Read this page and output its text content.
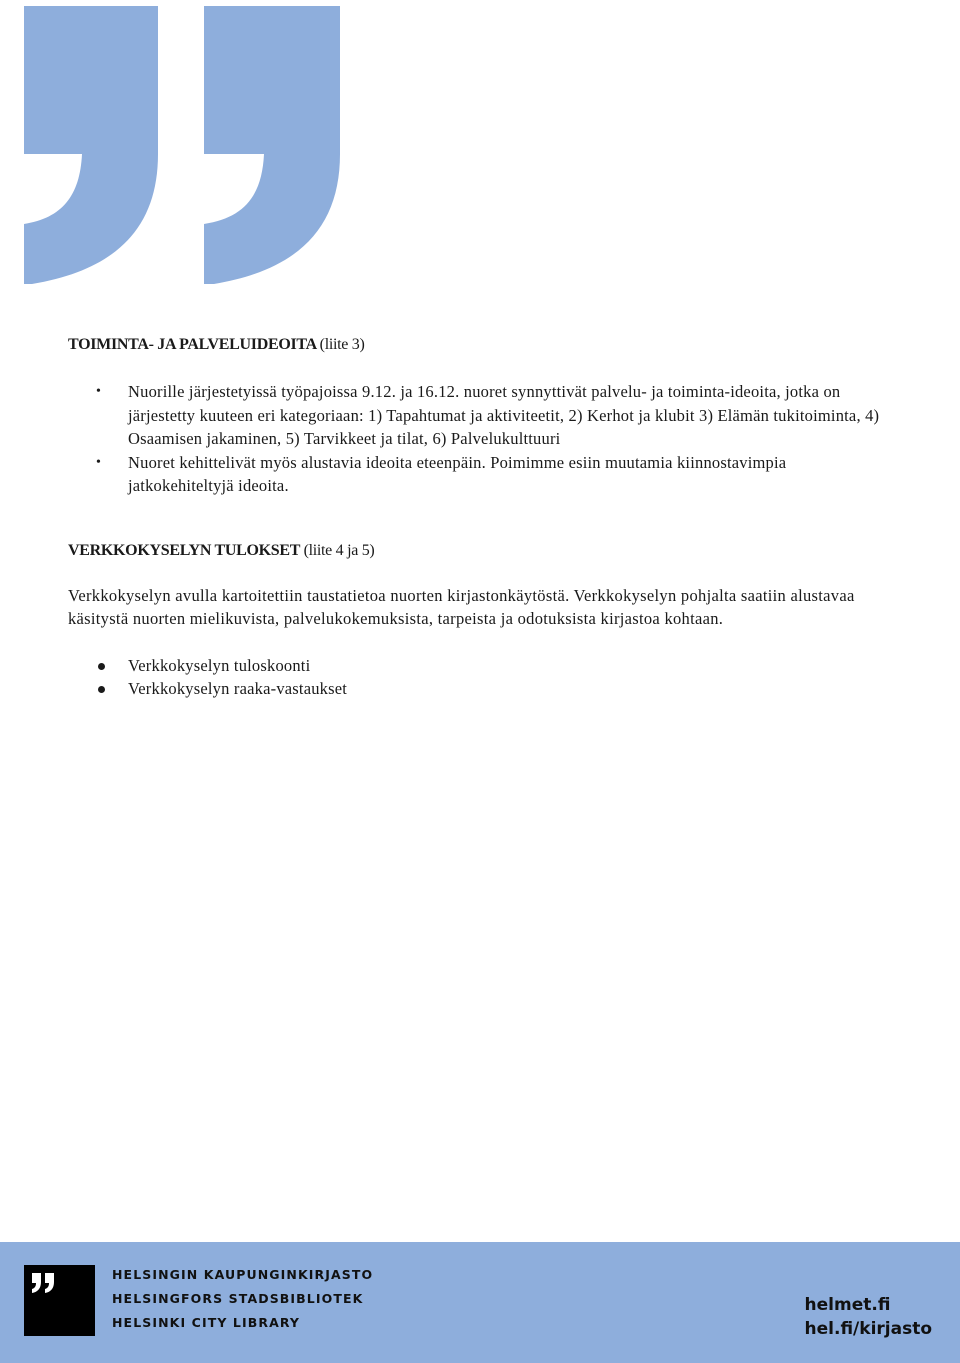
TOIMINTA- JA PALVELUIDEOITA (liite 3)
• Nuorille järjestetyissä työpajoissa 9.12. ja 16.12. nuoret synnyttivät palvelu- ja toiminta-ideoita, jotka on järjestetty kuuteen eri kategoriaan: 1) Tapahtumat ja aktiviteetit, 2) Kerhot ja klubit 3) Elämän tukitoiminta, 4) Osaamisen jakaminen, 5) Tarvikkeet ja tilat, 6) Palvelukulttuuri
• Nuoret kehittelivät myös alustavia ideoita eteenpäin. Poimimme esiin muutamia kiinnostavimpia jatkokehiteltyjä ideoita.
VERKKOKYSELYN TULOKSET (liite 4 ja 5)

Verkkokyselyn avulla kartoitettiin taustatietoa nuorten kirjastonkäytöstä. Verkkokyselyn pohjalta saatiin alustavaa käsitystä nuorten mielikuvista, palvelukokemuksista, tarpeista ja odotuksista kirjastoa kohtaan.

Verkkokyselyn tuloskoonti
Verkkokyselyn raaka-vastaukset
HELSINGIN KAUPUNGINKIRJASTO
HELSINGFORS STADSBIBLIOTEK
HELSINKI CITY LIBRARY
helmet.fi
hel.fi/kirjasto
